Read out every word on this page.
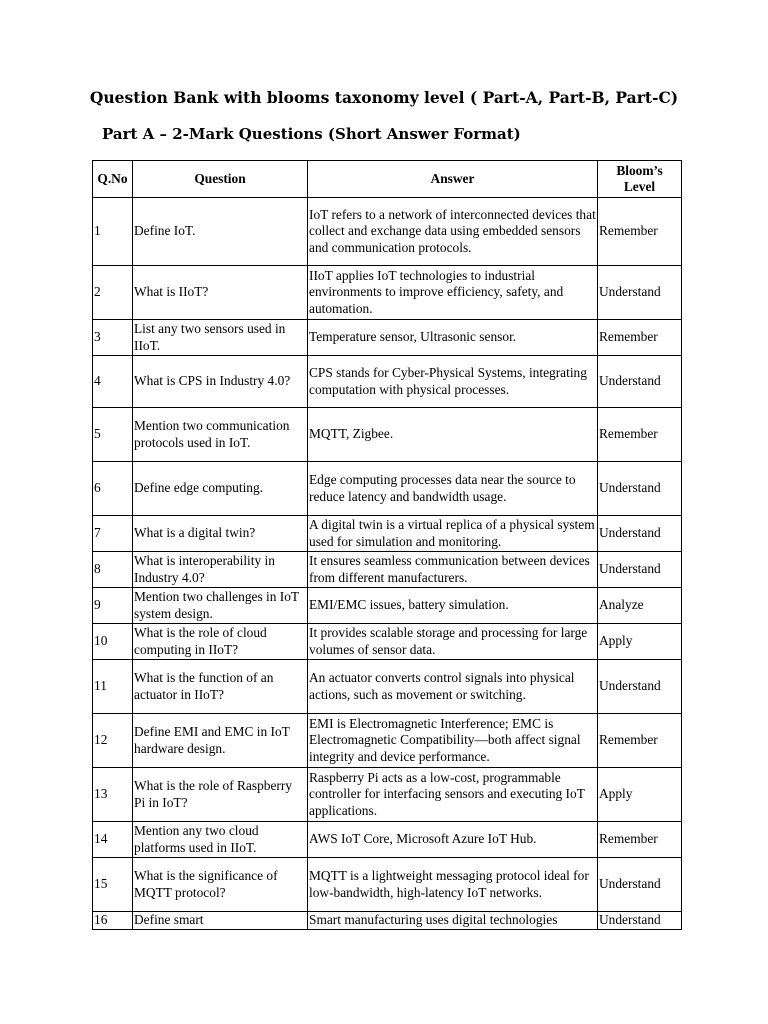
Question Bank with blooms taxonomy level ( Part-A, Part-B, Part-C)
Part A – 2-Mark Questions (Short Answer Format)
Q.No	Question	Answer	Bloom’s
Level
1	Define IoT.	IoT refers to a network of interconnected devices that collect and exchange data using embedded sensors and communication protocols.	Remember
2	What is IIoT?	IIoT applies IoT technologies to industrial environments to improve efficiency, safety, and automation.	Understand
3	List any two sensors used in IIoT.	Temperature sensor, Ultrasonic sensor.	Remember
4	What is CPS in Industry 4.0?	CPS stands for Cyber-Physical Systems, integrating computation with physical processes.	Understand
5	Mention two communication protocols used in IoT.	MQTT, Zigbee.	Remember
6	Define edge computing.	Edge computing processes data near the source to reduce latency and bandwidth usage.	Understand
7	What is a digital twin?	A digital twin is a virtual replica of a physical system used for simulation and monitoring.	Understand
8	What is interoperability in Industry 4.0?	It ensures seamless communication between devices from different manufacturers.	Understand
9	Mention two challenges in IoT system design.	EMI/EMC issues, battery simulation.	Analyze
10	What is the role of cloud computing in IIoT?	It provides scalable storage and processing for large volumes of sensor data.	Apply
11	What is the function of an actuator in IIoT?	An actuator converts control signals into physical actions, such as movement or switching.	Understand
12	Define EMI and EMC in IoT hardware design.	EMI is Electromagnetic Interference; EMC is Electromagnetic Compatibility—both affect signal integrity and device performance.	Remember
13	What is the role of Raspberry Pi in IoT?	Raspberry Pi acts as a low-cost, programmable controller for interfacing sensors and executing IoT applications.	Apply
14	Mention any two cloud platforms used in IIoT.	AWS IoT Core, Microsoft Azure IoT Hub.	Remember
15	What is the significance of MQTT protocol?	MQTT is a lightweight messaging protocol ideal for low-bandwidth, high-latency IoT networks.	Understand
16	Define smart	Smart manufacturing uses digital technologies	Understand
